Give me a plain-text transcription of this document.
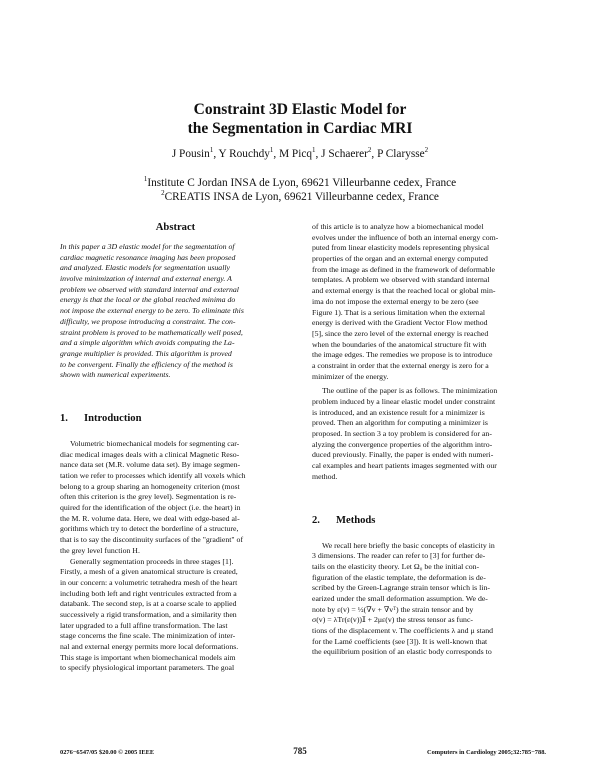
Constraint 3D Elastic Model for
the Segmentation in Cardiac MRI
J Pousin$^1$, Y Rouchdy$^1$, M Picq$^1$, J Schaerer$^2$, P Clarysse$^2$
$^1$Institute C Jordan INSA de Lyon, 69621 Villeurbanne cedex, France
$^2$CREATIS INSA de Lyon, 69621 Villeurbanne cedex, France
Abstract
In this paper a 3D elastic model for the segmentation of
cardiac magnetic resonance imaging has been proposed
and analyzed. Elastic models for segmentation usually
involve minimization of internal and external energy. A
problem we observed with standard internal and external
energy is that the local or the global reached minima do
not impose the external energy to be zero. To eliminate this
difficulty, we propose introducing a constraint. The con-
straint problem is proved to be mathematically well posed,
and a simple algorithm which avoids computing the La-
grange multiplier is provided. This algorithm is proved
to be convergent. Finally the efficiency of the method is
shown with numerical experiments.
1. Introduction
Volumetric biomechanical models for segmenting car-
diac medical images deals with a clinical Magnetic Reso-
nance data set (M.R. volume data set). By image segmen-
tation we refer to processes which identify all voxels which
belong to a group sharing an homogeneity criterion (most
often this criterion is the grey level). Segmentation is re-
quired for the identification of the object (i.e. the heart) in
the M. R. volume data. Here, we deal with edge-based al-
gorithms which try to detect the borderline of a structure,
that is to say the discontinuity surfaces of the "gradient" of
the grey level function H.
Generally segmentation proceeds in three stages [1].
Firstly, a mesh of a given anatomical structure is created,
in our concern: a volumetric tetrahedra mesh of the heart
including both left and right ventricules extracted from a
databank. The second step, is at a coarse scale to applied
successively a rigid transformation, and a similarity then
later upgraded to a full affine transformation. The last
stage concerns the fine scale. The minimization of inter-
nal and external energy permits more local deformations.
This stage is important when biomechanical models aim
to specify physiological important parameters. The goal
of this article is to analyze how a biomechanical model
evolves under the influence of both an internal energy com-
puted from linear elasticity models representing physical
properties of the organ and an external energy computed
from the image as defined in the framework of deformable
templates. A problem we observed with standard internal
and external energy is that the reached local or global min-
ima do not impose the external energy to be zero (see
Figure 1). That is a serious limitation when the external
energy is derived with the Gradient Vector Flow method
[5], since the zero level of the external energy is reached
when the boundaries of the anatomical structure fit with
the image edges. The remedies we propose is to introduce
a constraint in order that the external energy is zero for a
minimizer of the energy.
The outline of the paper is as follows. The minimization
problem induced by a linear elastic model under constraint
is introduced, and an existence result for a minimizer is
proved. Then an algorithm for computing a minimizer is
proposed. In section 3 a toy problem is considered for an-
alyzing the convergence properties of the algorithm intro-
duced previously. Finally, the paper is ended with numeri-
cal examples and heart patients images segmented with our
method.
2. Methods
We recall here briefly the basic concepts of elasticity in
3 dimensions. The reader can refer to [3] for further de-
tails on the elasticity theory. Let Ω₀ be the initial con-
figuration of the elastic template, the deformation is de-
scribed by the Green-Lagrange strain tensor which is lin-
earized under the small deformation assumption. We de-
note by ε(v) = ½(∇v + ∇vᵀ) the strain tensor and by
σ(v) = λTr(ε(v))𝕀 + 2με(v) the stress tensor as func-
tions of the displacement v. The coefficients λ and μ stand
for the Lamé coefficients (see [3]). It is well-known that
the equilibrium position of an elastic body corresponds to
0276−6547/05 $20.00 © 2005 IEEE	785	Computers in Cardiology 2005;32:785−788.
